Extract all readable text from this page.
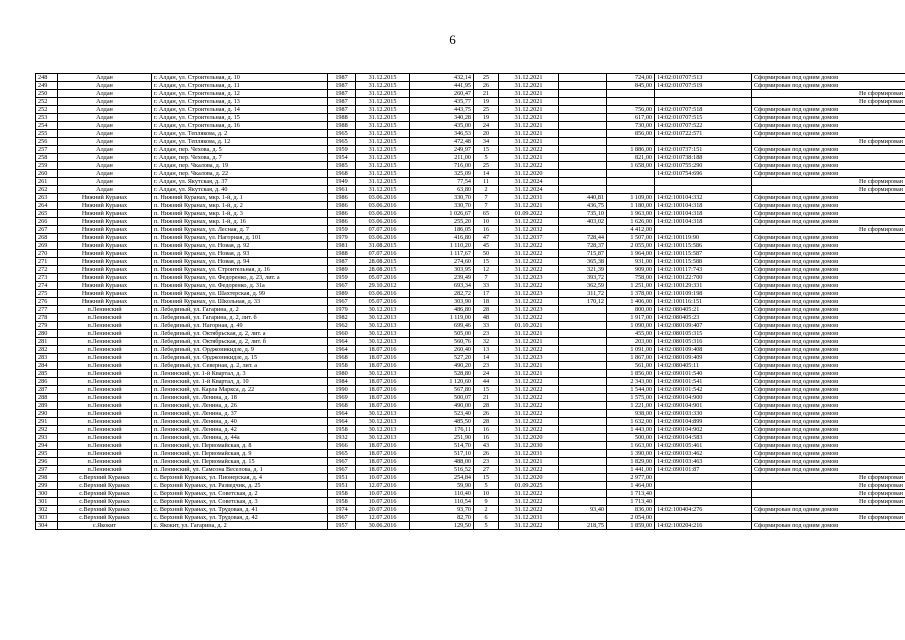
6
248	Алдан	г. Алдан, ул. Строительная, д. 10	1987	31.12.2015	432,14	25	31.12.2021		724,00	14:02:010707:513	Сформирован под одним домом
249	Алдан	г. Алдан, ул. Строительная, д. 11	1987	31.12.2015	441,95	26	31.12.2021		845,00	14:02:010707:519	Сформирован под одним домом
250	Алдан	г. Алдан, ул. Строительная, д. 12	1987	31.12.2015	260,47	21	31.12.2021				Не сформирован
252	Алдан	г. Алдан, ул. Строительная, д. 13	1987	31.12.2015	435,77	19	31.12.2021				Не сформирован
252	Алдан	г. Алдан, ул. Строительная, д. 14	1987	31.12.2015	443,75	25	31.12.2021		756,00	14:02:010707:518	Сформирован под одним домом
253	Алдан	г. Алдан, ул. Строительная, д. 15	1988	31.12.2015	340,28	19	31.12.2021		617,00	14:02:010707:515	Сформирован под одним домом
254	Алдан	г. Алдан, ул. Строительная, д. 16	1988	31.12.2015	435,00	24	31.12.2021		730,00	14:02:010707:522	Сформирован под одним домом
255	Алдан	г. Алдан, ул. Тепляковa, д. 2	1965	31.12.2015	346,53	20	31.12.2021		856,00	14:02:010722:571	Сформирован под одним домом
256	Алдан	г. Алдан, ул. Теплякова, д. 12	1965	31.12.2015	472,48	34	31.12.2021				Не сформирован
257	Алдан	г. Алдан, пер. Чехова, д. 5	1959	31.12.2015	249,97	15	31.12.2022		1 886,00	14:02:010737:151	Сформирован под одним домом
258	Алдан	г. Алдан, пер. Чехова, д. 7	1954	31.12.2015	211,00	5	31.12.2021		821,00	14:02:010738:188	Сформирован под одним домом
259	Алдан	г. Алдан, пер. Чкалова, д. 19	1985	31.12.2015	716,00	25	31.12.2022		1 658,00	14:02:010755:290	Сформирован под одним домом
260	Алдан	г. Алдан, пер. Чкалова, д. 22	1968	31.12.2015	325,09	14	31.12.2020			14:02:010754:696	Сформирован под одним домом
261	Алдан	г. Алдан, ул. Якутская, д. 37	1949	31.12.2015	77,54	11	31.12.2024				Не сформирован
262	Алдан	г. Алдан, ул. Якутская, д. 40	1961	31.12.2015	63,80	2	31.12.2024				Не сформирован
263	Нижний Куранах	п. Нижний Куранах, мкр. 1-й, д. 1	1986	03.06.2016	330,70	7	31.12.2031	440,81	1 109,00	14:02:100104:332	Сформирован под одним домом
264	Нижний Куранах	п. Нижний Куранах, мкр. 1-й, д. 2	1986	03.06.2016	330,70	7	31.12.2021	436,75	1 180,00	14:02:100104:318	Сформирован под одним домом
265	Нижний Куранах	п. Нижний Куранах, мкр. 1-й, д. 3	1986	03.06.2016	1 026,67	65	01.09.2022	735,10	1 963,00	14:02:100104:318	Сформирован под одним домом
266	Нижний Куранах	п. Нижний Куранах, мкр. 1-й, д. 16	1986	03.06.2016	255,20	10	31.12.2022	403,02	1 626,00	14:02:100104:318	Сформирован под одним домом
267	Нижний Куранах	п. Нижний Куранах, ул. Лесная, д. 7	1959	07.07.2016	186,05	16	31.12.2032		4 412,00		Не сформирован
268	Нижний Куранах	п. Нижний Куранах, ул. Нагорная, д. 101	1979	03.06.2016	416,80	47	31.12.2037	728,44	1 507,00	14:02:100119:90	Сформирован под одним домом
269	Нижний Куранах	п. Нижний Куранах, ул. Новая, д. 92	1981	31.08.2015	1 110,20	45	31.12.2022	728,37	2 055,00	14:02:100115:586	Сформирован под одним домом
270	Нижний Куранах	п. Нижний Куранах, ул. Новая, д. 93	1988	07.07.2016	1 117,67	50	31.12.2022	715,87	1 964,00	14:02:100115:587	Сформирован под одним домом
271	Нижний Куранах	п. Нижний Куранах, ул. Новая, д. 94	1987	28.08.2015	274,60	15	31.12.2022	365,38	931,00	14:02:100115:588	Сформирован под одним домом
272	Нижний Куранах	п. Нижний Куранах, ул. Строительная, д. 16	1989	28.08.2015	303,95	12	31.12.2022	321,39	909,00	14:02:100117:743	Сформирован под одним домом
273	Нижний Куранах	п. Нижний Куранах, ул. Федоренко, д. 23, лит. а	1959	05.07.2016	239,49	7	31.12.2023	393,72	758,00	14:02:100122:700	Сформирован под одним домом
274	Нижний Куранах	п. Нижний Куранах, ул. Федоренко, д. 31а	1967	29.10.2012	693,34	33	31.12.2022	362,59	1 251,00	14:02:100129:331	Сформирован под одним домом
275	Нижний Куранах	п. Нижний Куранах, ул. Шахтерская, д. 99	1989	03.06.2016	282,72	17	31.12.2023	311,72	1 378,00	14:02:100109:198	Сформирован под одним домом
276	Нижний Куранах	п. Нижний Куранах, ул. Школьная, д. 33	1967	05.07.2016	303,90	18	31.12.2022	170,12	1 406,00	14:02:100116:151	Сформирован под одним домом
277	п.Ленинский	п. Лебединый, ул. Гагарина, д. 2	1979	30.12.2013	486,80	28	31.12.2023		800,00	14:02:080405:21	Сформирован под одним домом
278	п.Ленинский	п. Лебединый, ул. Гагарина, д. 2, лит. б	1982	30.12.2013	1 119,00	48	31.12.2022		1 917,00	14:02:080405:23	Сформирован под одним домом
279	п.Ленинский	п. Лебединый, ул. Нагорная, д. 49	1962	30.12.2013	699,46	33	01.10.2021		1 090,00	14:02:080109:407	Сформирован под одним домом
280	п.Ленинский	п. Лебединый, ул. Октябрьская, д. 2, лит. а	1960	30.12.2013	505,00	23	31.12.2021		455,00	14:02:080105:315	Сформирован под одним домом
281	п.Ленинский	п. Лебединый, ул. Октябрьская, д. 2, лит. б	1964	30.12.2013	560,76	32	31.12.2021		203,00	14:02:080105:316	Сформирован под одним домом
282	п.Ленинский	п. Лебединый, ул. Орджоникидзе, д. 9	1964	18.07.2016	260,40	13	31.12.2022		1 091,00	14:02:080109:408	Сформирован под одним домом
283	п.Ленинский	п. Лебединый, ул. Орджоникидзе, д. 15	1968	18.07.2016	527,20	14	31.12.2023		1 867,00	14:02:080109:409	Сформирован под одним домом
284	п.Ленинский	п. Лебединый, ул. Северная, д. 2, лит. а	1958	18.07.2016	490,20	23	31.12.2021		561,00	14:02:080405:11	Сформирован под одним домом
285	п.Ленинский	п. Ленинский, ул. 1-й Квартал, д. 3	1980	30.12.2013	528,80	24	31.12.2021		1 856,00	14:02:090101:540	Сформирован под одним домом
286	п.Ленинский	п. Ленинский, ул. 1-й Квартал, д. 10	1984	18.07.2016	1 120,60	44	31.12.2022		2 343,00	14:02:090101:541	Сформирован под одним домом
287	п.Ленинский	п. Ленинский, ул. Карла Маркса, д. 22	1990	18.07.2016	567,80	15	31.12.2022		1 544,00	14:02:090101:542	Сформирован под одним домом
288	п.Ленинский	п. Ленинский, ул. Ленина, д. 18	1969	18.07.2016	500,07	21	31.12.2022		1 575,00	14:02:090104:900	Сформирован под одним домом
289	п.Ленинский	п. Ленинский, ул. Ленина, д. 26	1968	18.07.2016	490,00	28	31.12.2022		1 221,00	14:02:090104:901	Сформирован под одним домом
290	п.Ленинский	п. Ленинский, ул. Ленина, д. 37	1964	30.12.2013	523,40	26	31.12.2022		938,00	14:02:090103:330	Сформирован под одним домом
291	п.Ленинский	п. Ленинский, ул. Ленина, д. 40	1964	30.12.2013	485,50	28	31.12.2022		1 632,00	14:02:090104:899	Сформирован под одним домом
292	п.Ленинский	п. Ленинский, ул. Ленина, д. 42	1958	30.12.2013	176,11	16	31.12.2022		1 443,00	14:02:090104:902	Сформирован под одним домом
293	п.Ленинский	п. Ленинский, ул. Ленина, д. 44а	1932	30.12.2013	251,90	16	31.12.2020		500,00	14:02:090104:583	Сформирован под одним домом
294	п.Ленинский	п. Ленинский, ул. Первомайская, д. 8	1966	18.07.2016	514,70	43	31.12.2030		1 663,00	14:02:090105:461	Сформирован под одним домом
295	п.Ленинский	п. Ленинский, ул. Первомайская, д. 9	1965	18.07.2016	517,10	26	31.12.2031		1 390,00	14:02:090103:462	Сформирован под одним домом
296	п.Ленинский	п. Ленинский, ул. Первомайская, д. 15	1967	18.07.2016	488,00	23	31.12.2021		1 829,00	14:02:090103:463	Сформирован под одним домом
297	п.Ленинский	п. Ленинский, ул. Самсона Веселова, д. 1	1967	18.07.2016	516,52	27	31.12.2022		1 441,00	14:02:090101:87	Сформирован под одним домом
298	с.Верхний Куранах	с. Верхний Куранах, ул. Пионерская, д. 4	1951	10.07.2016	254,84	15	31.12.2020		2 977,00		Не сформирован
299	с.Верхний Куранах	с. Верхний Куранах, ул. Разведчик, д. 25	1951	12.07.2016	59,90	5	01.09.2025		1 464,00		Не сформирован
300	с.Верхний Куранах	с. Верхний Куранах, ул. Советская, д. 2	1958	10.07.2016	110,40	10	31.12.2022		1 713,40		Не сформирован
301	с.Верхний Куранах	с. Верхний Куранах, ул. Советская, д. 3	1958	10.07.2016	110,54	9	31.12.2022		1 713,40		Не сформирован
302	с.Верхний Куранах	с. Верхний Куранах, ул. Трудовая, д. 41	1974	20.07.2016	93,70	2	31.12.2022	93,40	836,00	14:02:100404:276	Сформирован под одним домом
303	с.Верхний Куранах	с. Верхний Куранах, ул. Трудовая, д. 42	1967	12.07.2016	82,70	6	31.12.2031		2 054,00		Не сформирован
304	с.Якокит	с. Якокит, ул. Гагарина, д. 2	1957	30.06.2016	129,50	5	31.12.2022	218,75	1 859,00	14:02:100204:216	Сформирован под одним домом
